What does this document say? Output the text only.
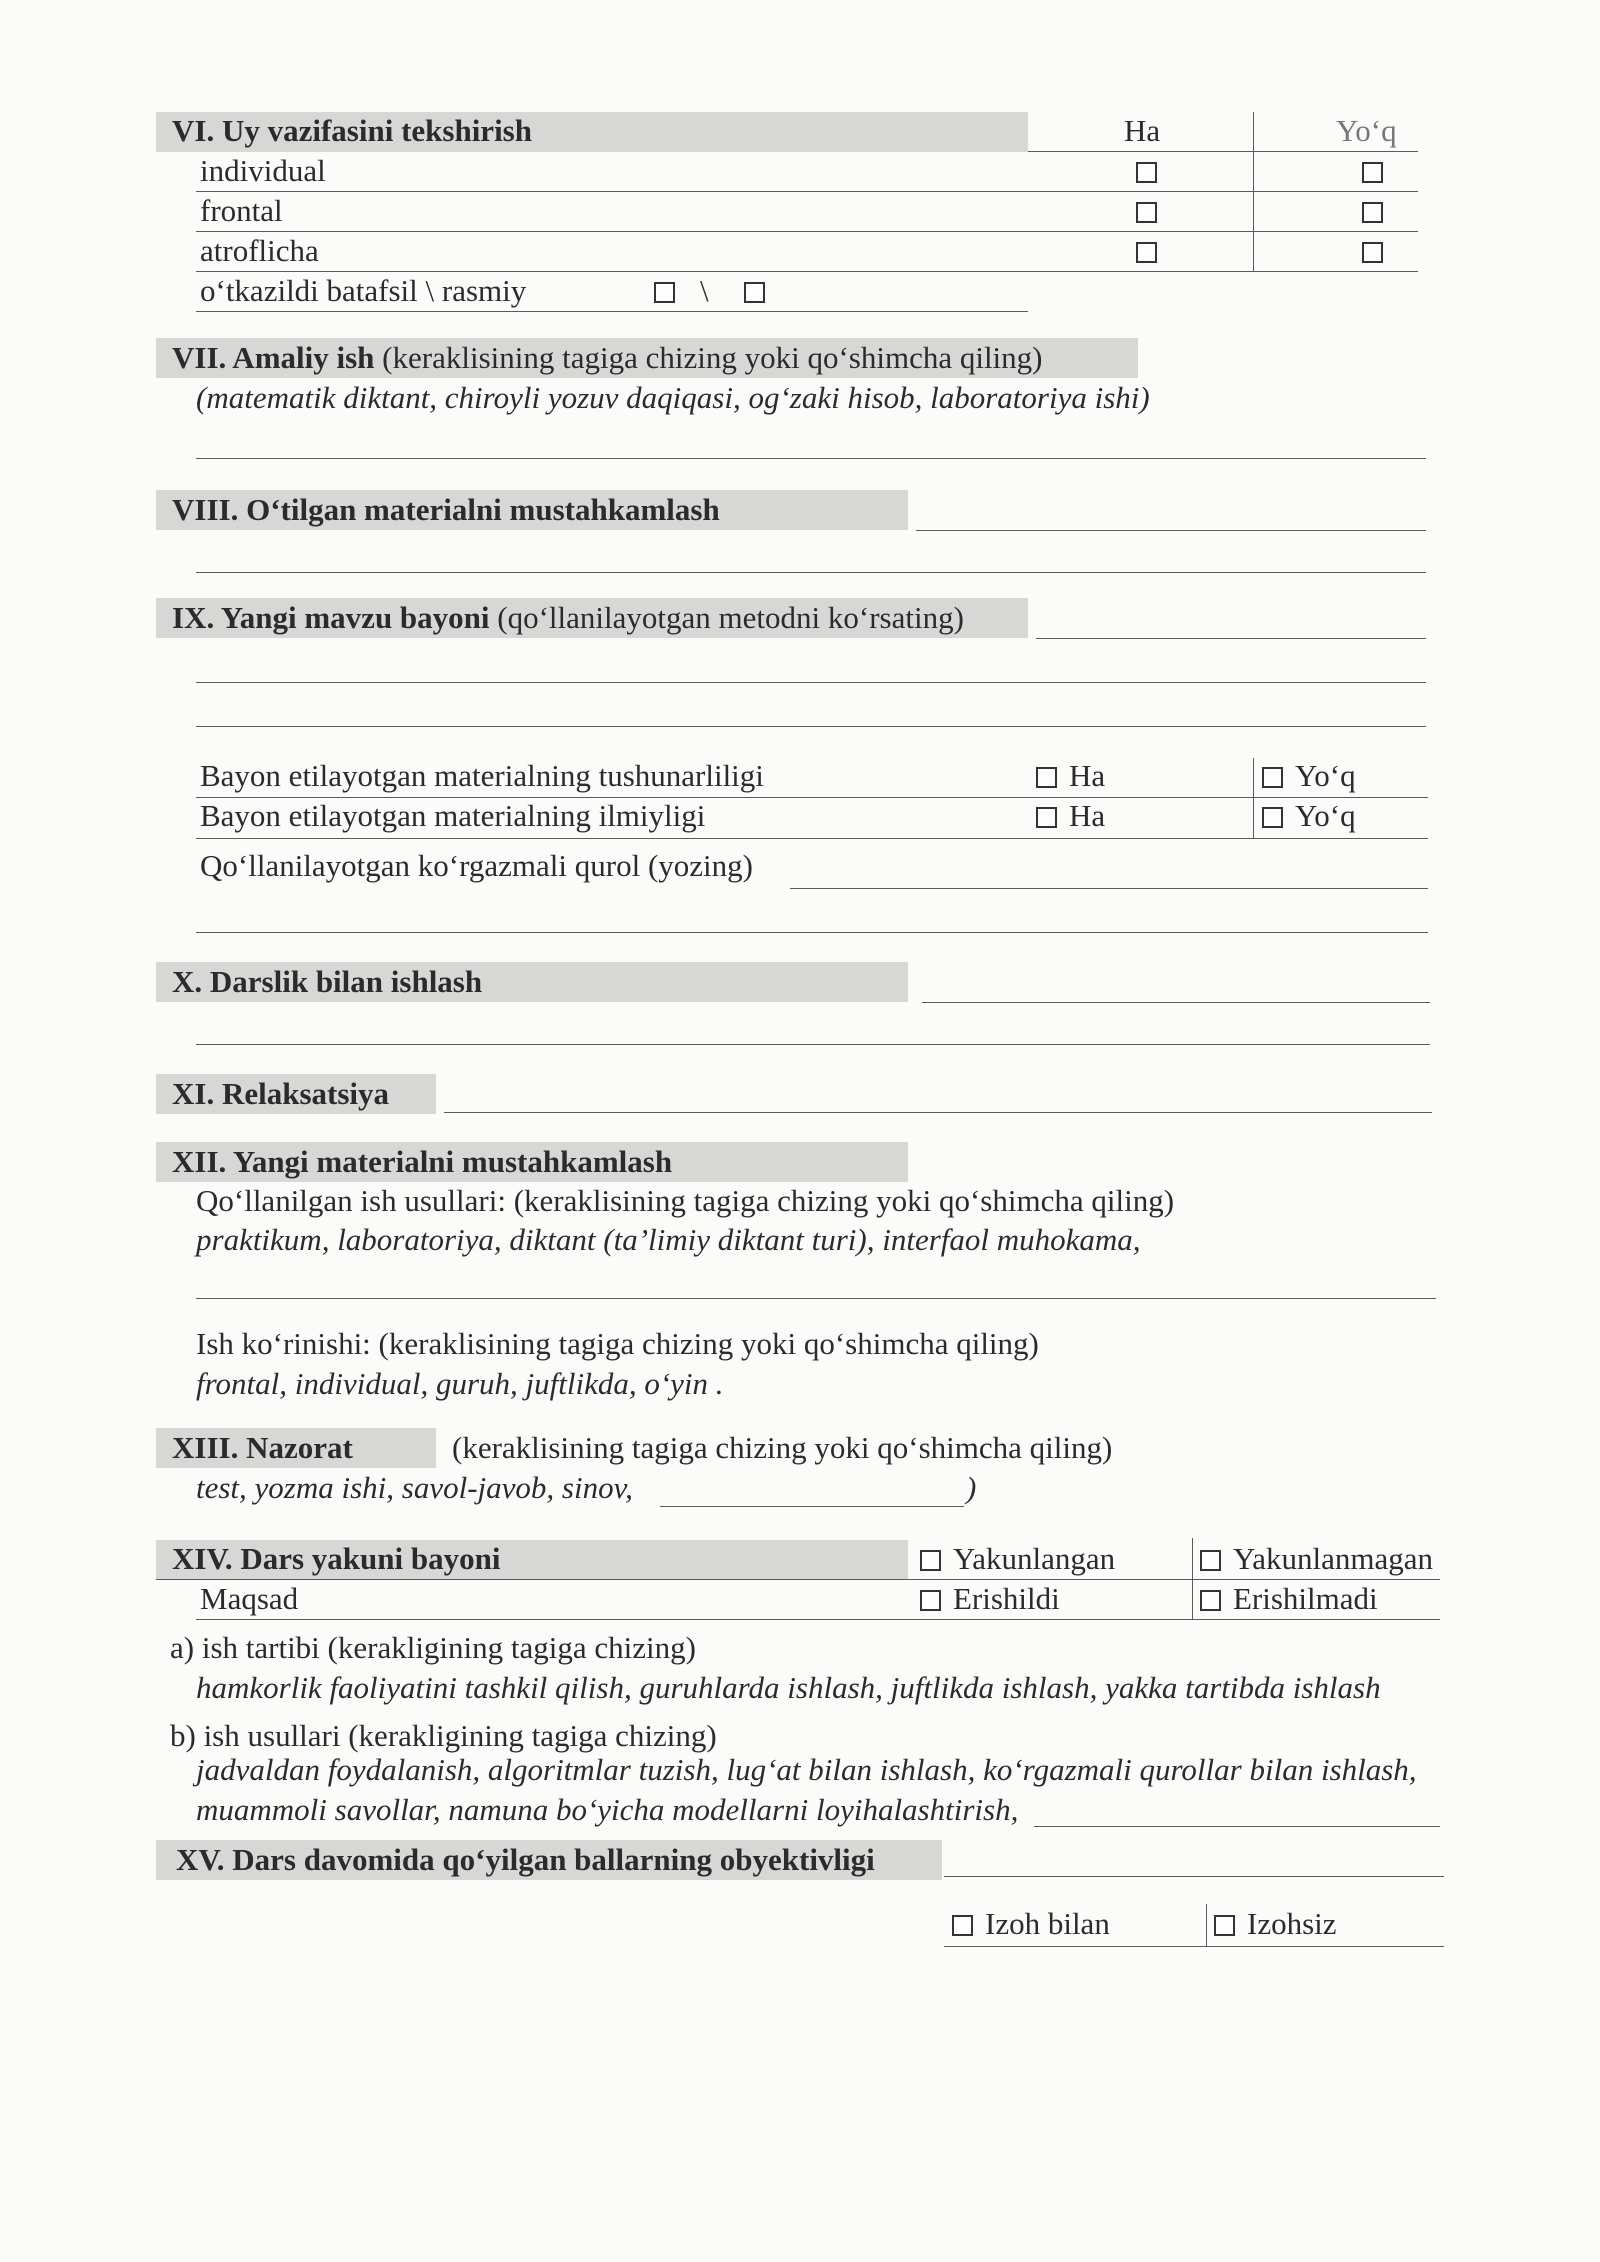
VI. Uy vazifasini tekshirish	Ha	Yo‘q
individual
frontal
atroflicha
o‘tkazildi batafsil \ rasmiy	\
VII. Amaliy ish (keraklisining tagiga chizing yoki qo‘shimcha qiling)
(matematik diktant, chiroyli yozuv daqiqasi, og‘zaki hisob, laboratoriya ishi)
VIII. O‘tilgan materialni mustahkamlash
IX. Yangi mavzu bayoni (qo‘llanilayotgan metodni ko‘rsating)
Bayon etilayotgan materialning tushunarliligi	Ha	Yo‘q
Bayon etilayotgan materialning ilmiyligi	Ha	Yo‘q
Qo‘llanilayotgan ko‘rgazmali qurol (yozing)
X. Darslik bilan ishlash
XI. Relaksatsiya
XII. Yangi materialni mustahkamlash
Qo‘llanilgan ish usullari: (keraklisining tagiga chizing yoki qo‘shimcha qiling)
praktikum, laboratoriya, diktant (ta’limiy diktant turi), interfaol muhokama,
Ish ko‘rinishi: (keraklisining tagiga chizing yoki qo‘shimcha qiling)
frontal, individual, guruh, juftlikda, o‘yin .
XIII. Nazorat	(keraklisining tagiga chizing yoki qo‘shimcha qiling)
test, yozma ishi, savol-javob, sinov,	)
XIV. Dars yakuni bayoni	Yakunlangan	Yakunlanmagan
Maqsad	Erishildi	Erishilmadi
a) ish tartibi (kerakligining tagiga chizing)
hamkorlik faoliyatini tashkil qilish, guruhlarda ishlash, juftlikda ishlash, yakka tartibda ishlash
b) ish usullari (kerakligining tagiga chizing)
jadvaldan foydalanish, algoritmlar tuzish, lug‘at bilan ishlash, ko‘rgazmali qurollar bilan ishlash,
muammoli savollar, namuna bo‘yicha modellarni loyihalashtirish,
XV. Dars davomida qo‘yilgan ballarning obyektivligi
Izoh bilan	Izohsiz
